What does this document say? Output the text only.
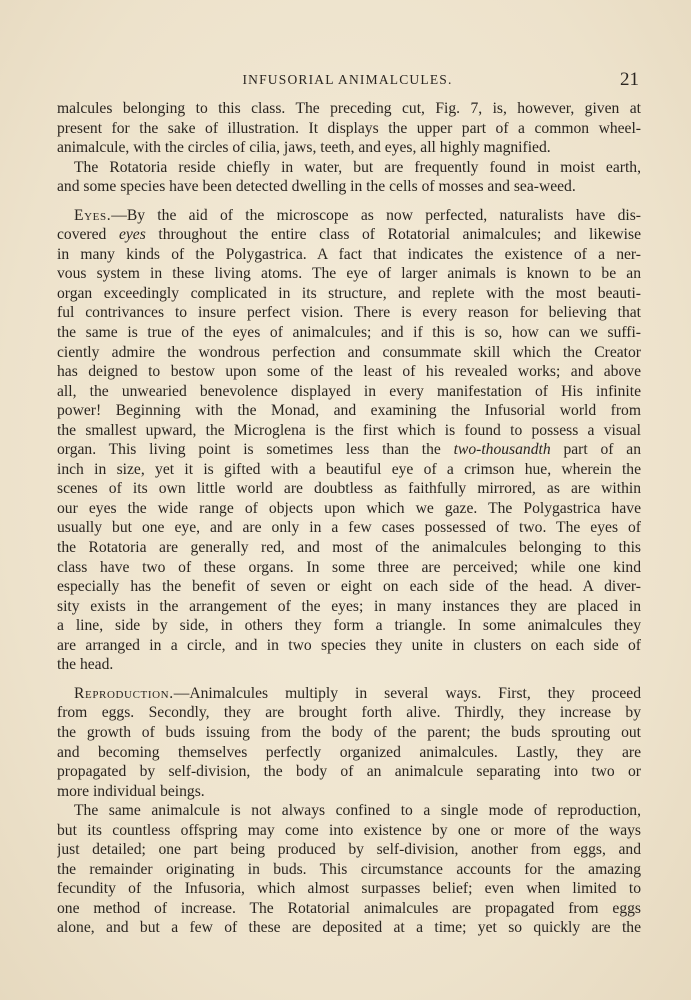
INFUSORIAL ANIMALCULES.	21
malcules belonging to this class. The preceding cut, Fig. 7, is, however, given at
present for the sake of illustration. It displays the upper part of a common wheel-
animalcule, with the circles of cilia, jaws, teeth, and eyes, all highly magnified.
The Rotatoria reside chiefly in water, but are frequently found in moist earth,
and some species have been detected dwelling in the cells of mosses and sea-weed.
Eyes.—By the aid of the microscope as now perfected, naturalists have dis-
covered eyes throughout the entire class of Rotatorial animalcules; and likewise
in many kinds of the Polygastrica. A fact that indicates the existence of a ner-
vous system in these living atoms. The eye of larger animals is known to be an
organ exceedingly complicated in its structure, and replete with the most beauti-
ful contrivances to insure perfect vision. There is every reason for believing that
the same is true of the eyes of animalcules; and if this is so, how can we suffi-
ciently admire the wondrous perfection and consummate skill which the Creator
has deigned to bestow upon some of the least of his revealed works; and above
all, the unwearied benevolence displayed in every manifestation of His infinite
power! Beginning with the Monad, and examining the Infusorial world from
the smallest upward, the Microglena is the first which is found to possess a visual
organ. This living point is sometimes less than the two-thousandth part of an
inch in size, yet it is gifted with a beautiful eye of a crimson hue, wherein the
scenes of its own little world are doubtless as faithfully mirrored, as are within
our eyes the wide range of objects upon which we gaze. The Polygastrica have
usually but one eye, and are only in a few cases possessed of two. The eyes of
the Rotatoria are generally red, and most of the animalcules belonging to this
class have two of these organs. In some three are perceived; while one kind
especially has the benefit of seven or eight on each side of the head. A diver-
sity exists in the arrangement of the eyes; in many instances they are placed in
a line, side by side, in others they form a triangle. In some animalcules they
are arranged in a circle, and in two species they unite in clusters on each side of
the head.
Reproduction.—Animalcules multiply in several ways. First, they proceed
from eggs. Secondly, they are brought forth alive. Thirdly, they increase by
the growth of buds issuing from the body of the parent; the buds sprouting out
and becoming themselves perfectly organized animalcules. Lastly, they are
propagated by self-division, the body of an animalcule separating into two or
more individual beings.
The same animalcule is not always confined to a single mode of reproduction,
but its countless offspring may come into existence by one or more of the ways
just detailed; one part being produced by self-division, another from eggs, and
the remainder originating in buds. This circumstance accounts for the amazing
fecundity of the Infusoria, which almost surpasses belief; even when limited to
one method of increase. The Rotatorial animalcules are propagated from eggs
alone, and but a few of these are deposited at a time; yet so quickly are the
